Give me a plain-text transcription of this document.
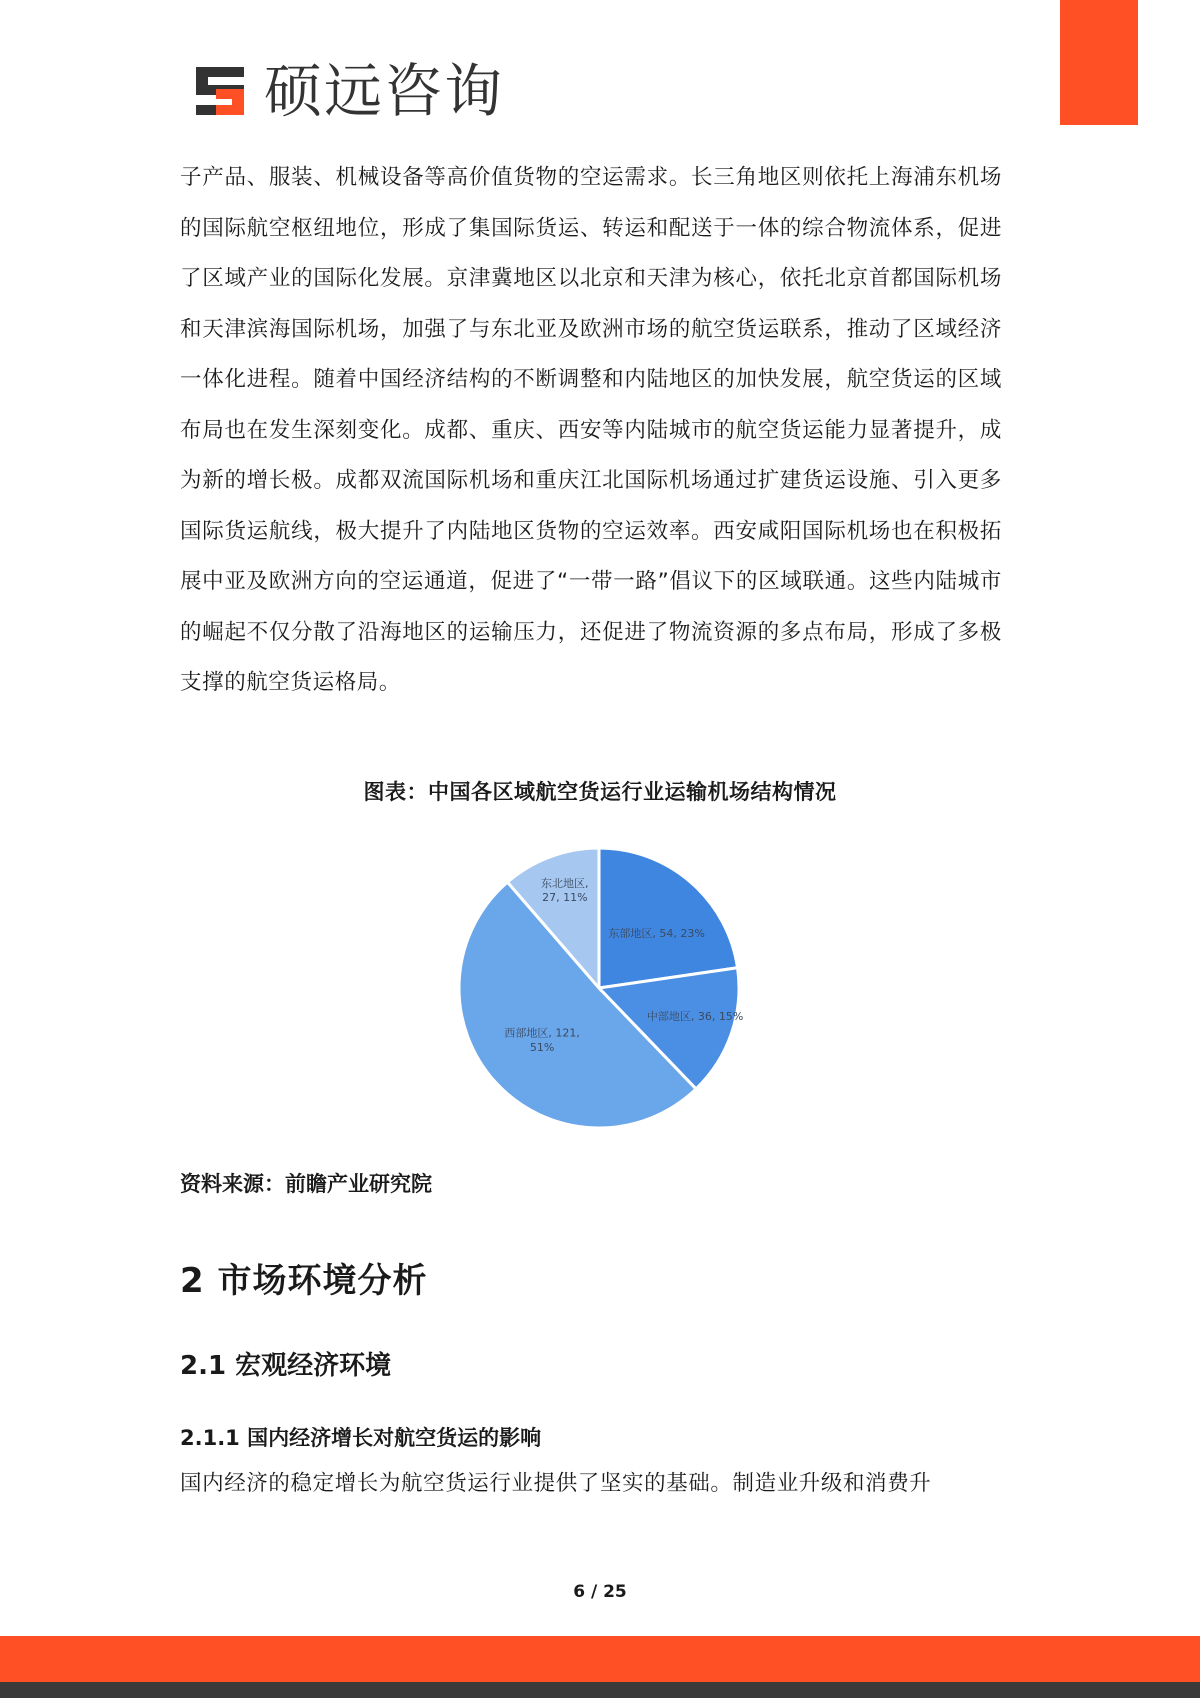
硕远咨询

子产品、服装、机械设备等高价值货物的空运需求。长三角地区则依托上海浦东机场的国际航空枢纽地位，形成了集国际货运、转运和配送于一体的综合物流体系，促进了区域产业的国际化发展。京津冀地区以北京和天津为核心，依托北京首都国际机场和天津滨海国际机场，加强了与东北亚及欧洲市场的航空货运联系，推动了区域经济一体化进程。随着中国经济结构的不断调整和内陆地区的加快发展，航空货运的区域布局也在发生深刻变化。成都、重庆、西安等内陆城市的航空货运能力显著提升，成为新的增长极。成都双流国际机场和重庆江北国际机场通过扩建货运设施、引入更多国际货运航线，极大提升了内陆地区货物的空运效率。西安咸阳国际机场也在积极拓展中亚及欧洲方向的空运通道，促进了“一带一路”倡议下的区域联通。这些内陆城市的崛起不仅分散了沿海地区的运输压力，还促进了物流资源的多点布局，形成了多极支撑的航空货运格局。

图表：中国各区域航空货运行业运输机场结构情况
东部地区, 54, 23%
中部地区, 36, 15%
西部地区, 121, 51%
东北地区, 27, 11%
资料来源：前瞻产业研究院
2 市场环境分析
2.1 宏观经济环境
2.1.1 国内经济增长对航空货运的影响

国内经济的稳定增长为航空货运行业提供了坚实的基础。制造业升级和消费升

6 / 25
